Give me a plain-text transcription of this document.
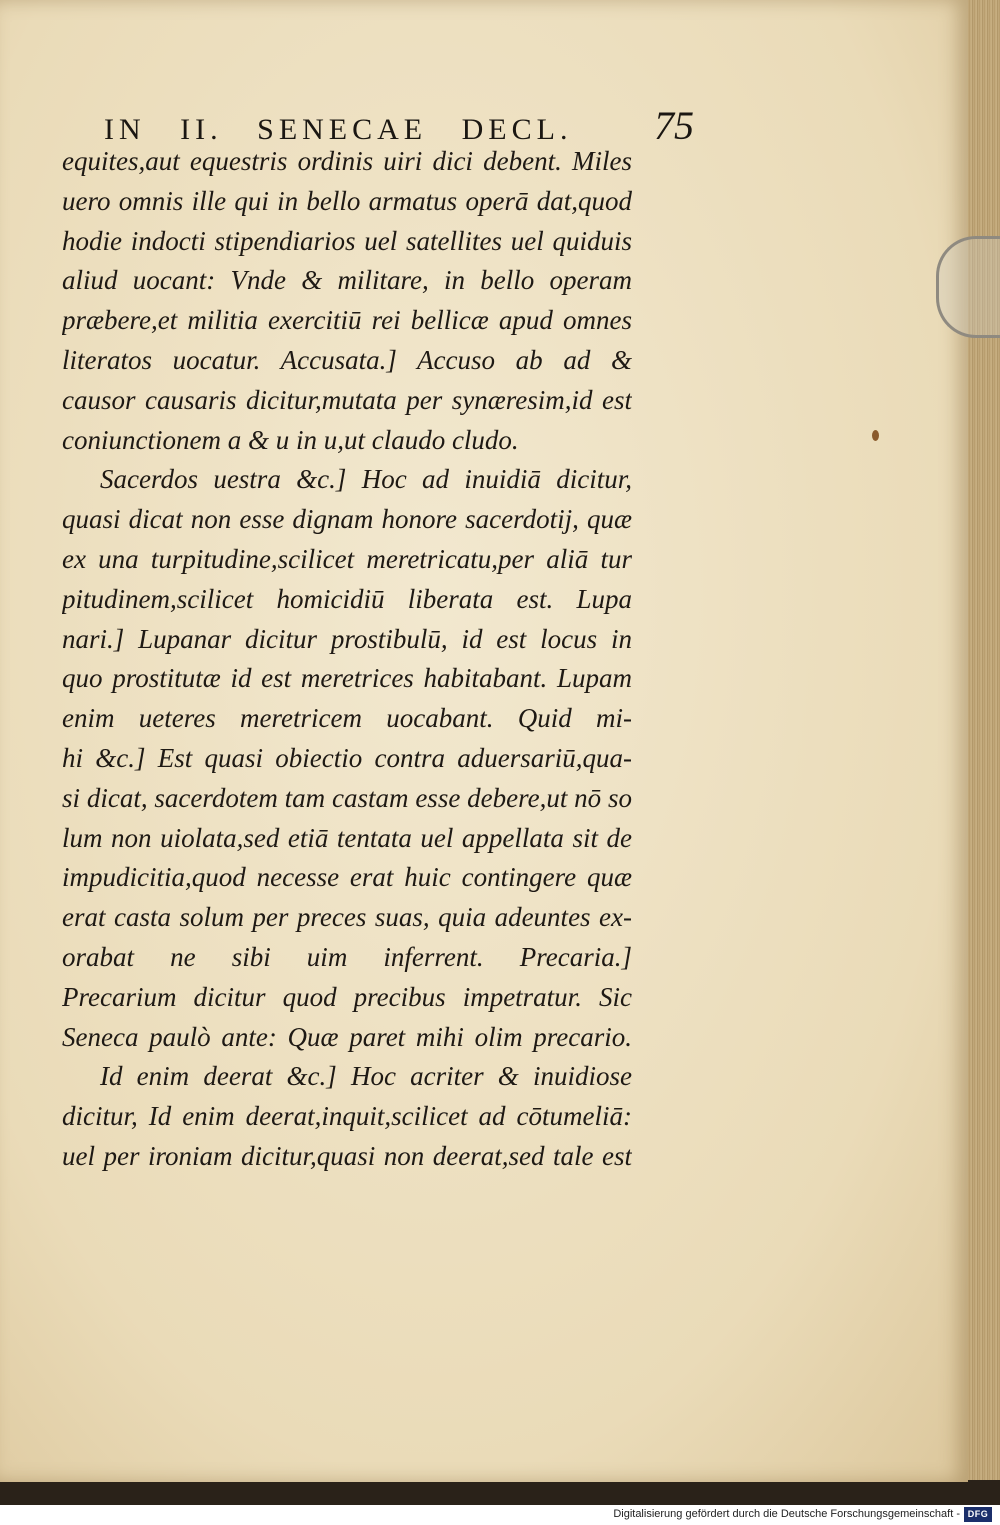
IN II. SENECAE DECL.	75
equites,aut equestris ordinis uiri dici debent. Miles
uero omnis ille qui in bello armatus operā dat,quod
hodie indocti stipendiarios uel satellites uel quiduis
aliud uocant: Vnde & militare, in bello operam
præbere,et militia exercitiū rei bellicæ apud omnes
literatos uocatur. Accusata.] Accuso ab ad &
causor causaris dicitur,mutata per synæresim,id est
coniunctionem a & u in u,ut claudo cludo.
Sacerdos uestra &c.] Hoc ad inuidiā dicitur,
quasi dicat non esse dignam honore sacerdotij, quæ
ex una turpitudine,scilicet meretricatu,per aliā tur
pitudinem,scilicet homicidiū liberata est. Lupa
nari.] Lupanar dicitur prostibulū, id est locus in
quo prostitutæ id est meretrices habitabant. Lupam
enim ueteres meretricem uocabant. Quid mi-
hi &c.] Est quasi obiectio contra aduersariū,qua-
si dicat, sacerdotem tam castam esse debere,ut nō so
lum non uiolata,sed etiā tentata uel appellata sit de
impudicitia,quod necesse erat huic contingere quæ
erat casta solum per preces suas, quia adeuntes ex-
orabat ne sibi uim inferrent. Precaria.]
Precarium dicitur quod precibus impetratur. Sic
Seneca paulò ante: Quæ paret mihi olim precario.
Id enim deerat &c.] Hoc acriter & inuidiose
dicitur, Id enim deerat,inquit,scilicet ad cōtumeliā:
uel per ironiam dicitur,quasi non deerat,sed tale est
Digitalisierung gefördert durch die Deutsche Forschungsgemeinschaft - DFG
